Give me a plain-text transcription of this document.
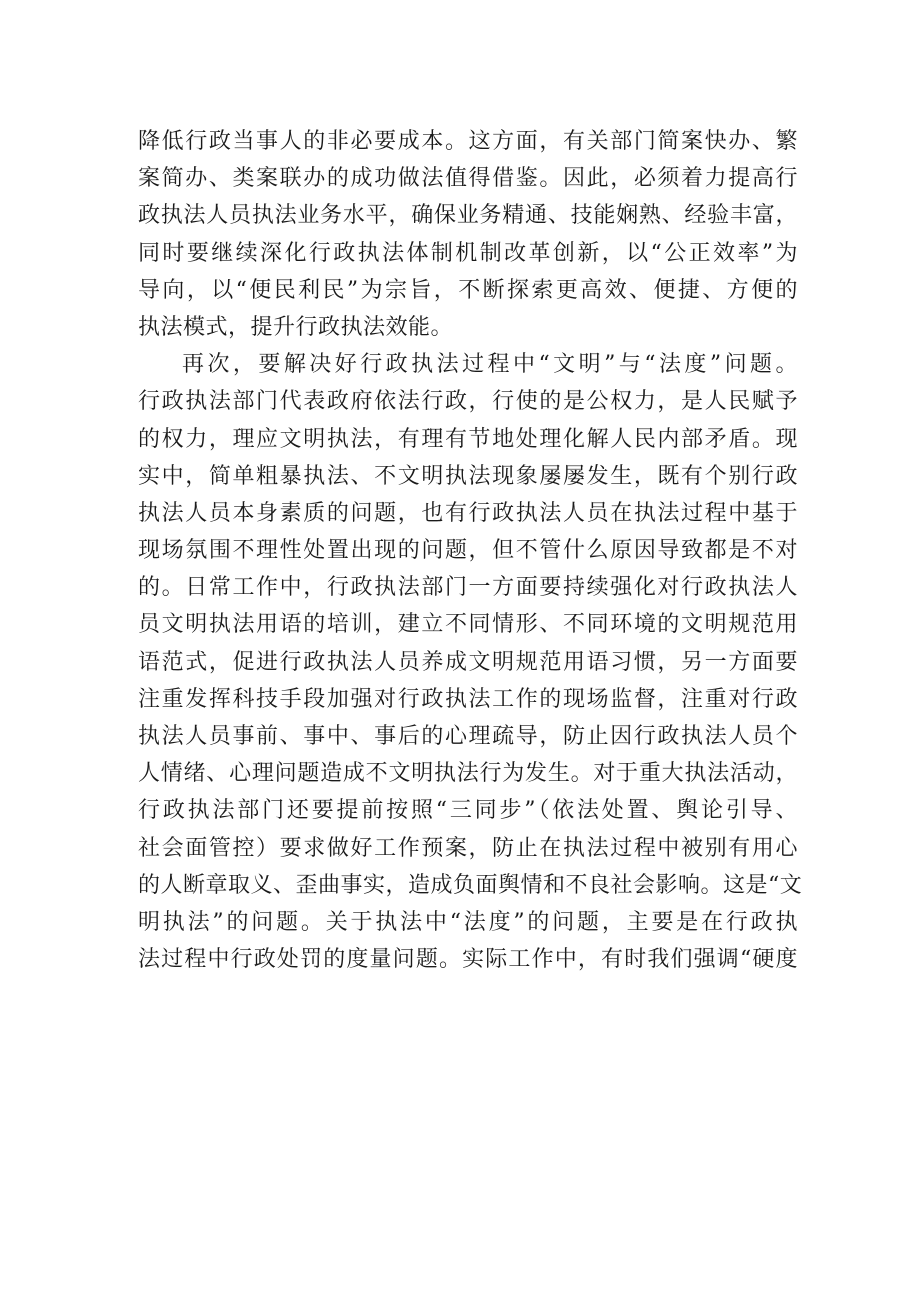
降低行政当事人的非必要成本。这方面，有关部门简案快办、繁
案简办、类案联办的成功做法值得借鉴。因此，必须着力提高行
政执法人员执法业务水平，确保业务精通、技能娴熟、经验丰富，
同时要继续深化行政执法体制机制改革创新，以“公正效率”为
导向，以“便民利民”为宗旨，不断探索更高效、便捷、方便的
执法模式，提升行政执法效能。
再次，要解决好行政执法过程中“文明”与“法度”问题。
行政执法部门代表政府依法行政，行使的是公权力，是人民赋予
的权力，理应文明执法，有理有节地处理化解人民内部矛盾。现
实中，简单粗暴执法、不文明执法现象屡屡发生，既有个别行政
执法人员本身素质的问题，也有行政执法人员在执法过程中基于
现场氛围不理性处置出现的问题，但不管什么原因导致都是不对
的。日常工作中，行政执法部门一方面要持续强化对行政执法人
员文明执法用语的培训，建立不同情形、不同环境的文明规范用
语范式，促进行政执法人员养成文明规范用语习惯，另一方面要
注重发挥科技手段加强对行政执法工作的现场监督，注重对行政
执法人员事前、事中、事后的心理疏导，防止因行政执法人员个
人情绪、心理问题造成不文明执法行为发生。对于重大执法活动，
行政执法部门还要提前按照“三同步”（依法处置、舆论引导、
社会面管控）要求做好工作预案，防止在执法过程中被别有用心
的人断章取义、歪曲事实，造成负面舆情和不良社会影响。这是“文
明执法”的问题。关于执法中“法度”的问题，主要是在行政执
法过程中行政处罚的度量问题。实际工作中，有时我们强调“硬度
